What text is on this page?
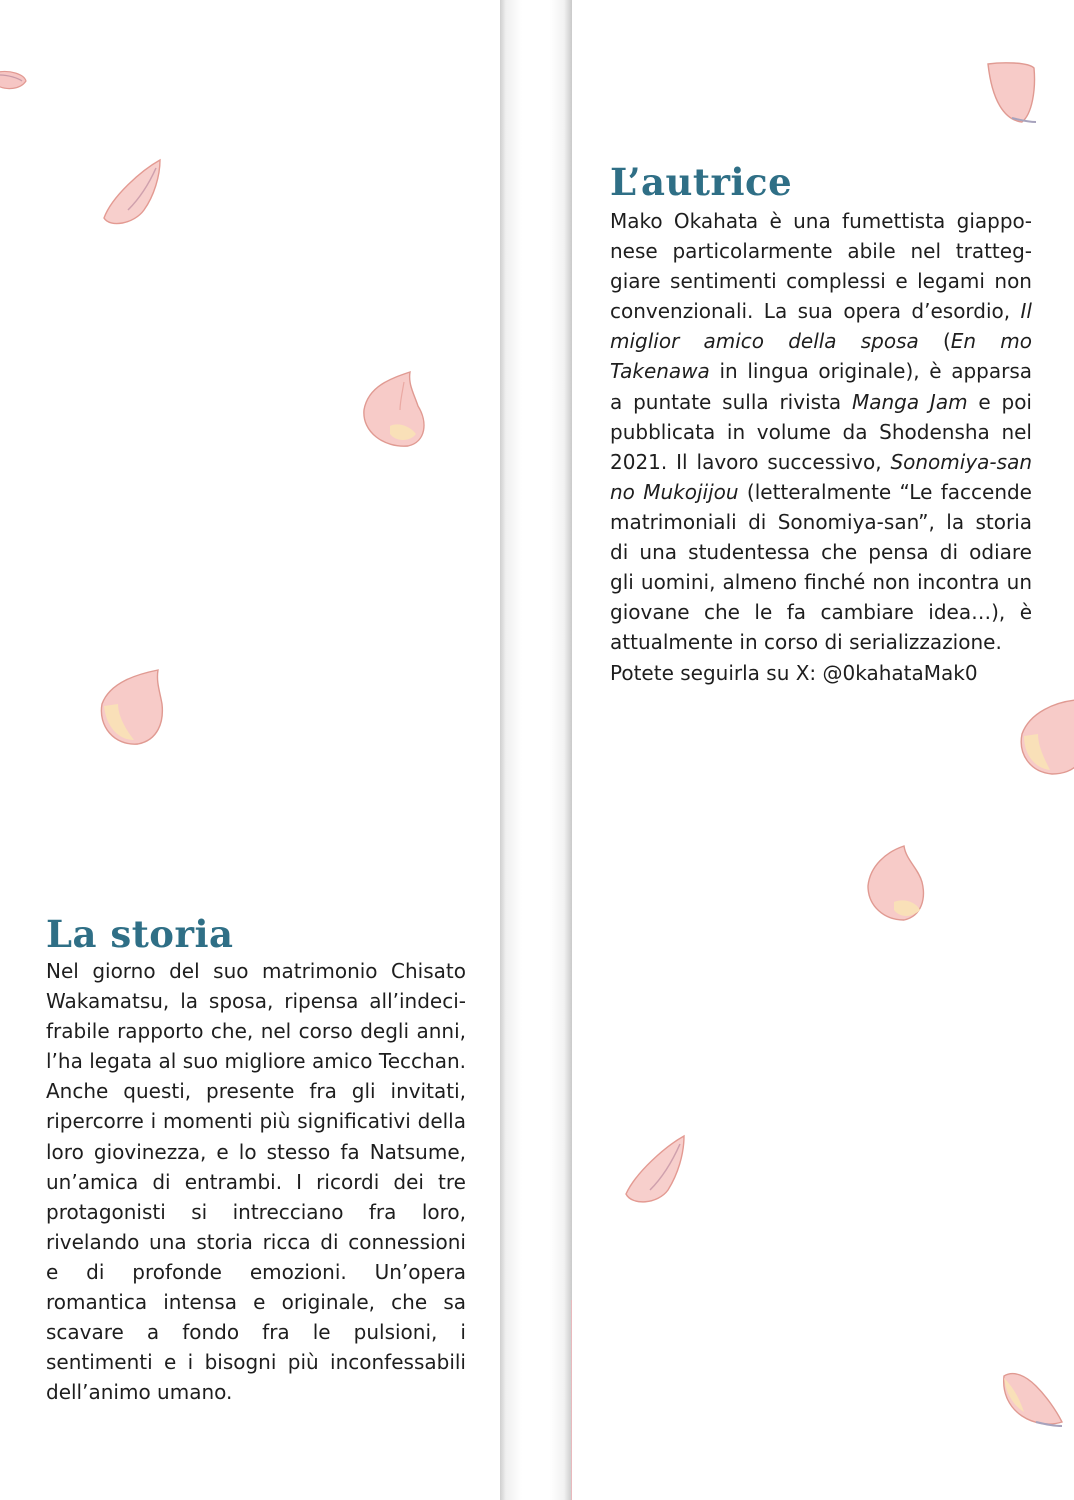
La storia

Nel giorno del suo matrimonio Chisato Wakamatsu, la sposa, ripensa all’indecifrabile rapporto che, nel corso degli anni, l’ha legata al suo migliore amico Tecchan. Anche questi, presente fra gli invitati, ripercorre i momenti più significativi della loro giovinezza, e lo stesso fa Natsume, un’amica di entrambi. I ricordi dei tre protagonisti si intrecciano fra loro, rivelando una storia ricca di connessioni e di profonde emozioni. Un’opera romantica intensa e originale, che sa scavare a fondo fra le pulsioni, i sentimenti e i bisogni più inconfessabili dell’animo umano.

L’autrice

Mako Okahata è una fumettista giapponese particolarmente abile nel tratteggiare sentimenti complessi e legami non convenzionali. La sua opera d’esordio, Il miglior amico della sposa (En mo Takenawa in lingua originale), è apparsa a puntate sulla rivista Manga Jam e poi pubblicata in volume da Shodensha nel 2021. Il lavoro successivo, Sonomiya-san no Mukojijou (letteralmente “Le faccende matrimoniali di Sonomiya-san”, la storia di una studentessa che pensa di odiare gli uomini, almeno finché non incontra un giovane che le fa cambiare idea…), è attualmente in corso di serializzazione.

Potete seguirla su X: @0kahataMak0
